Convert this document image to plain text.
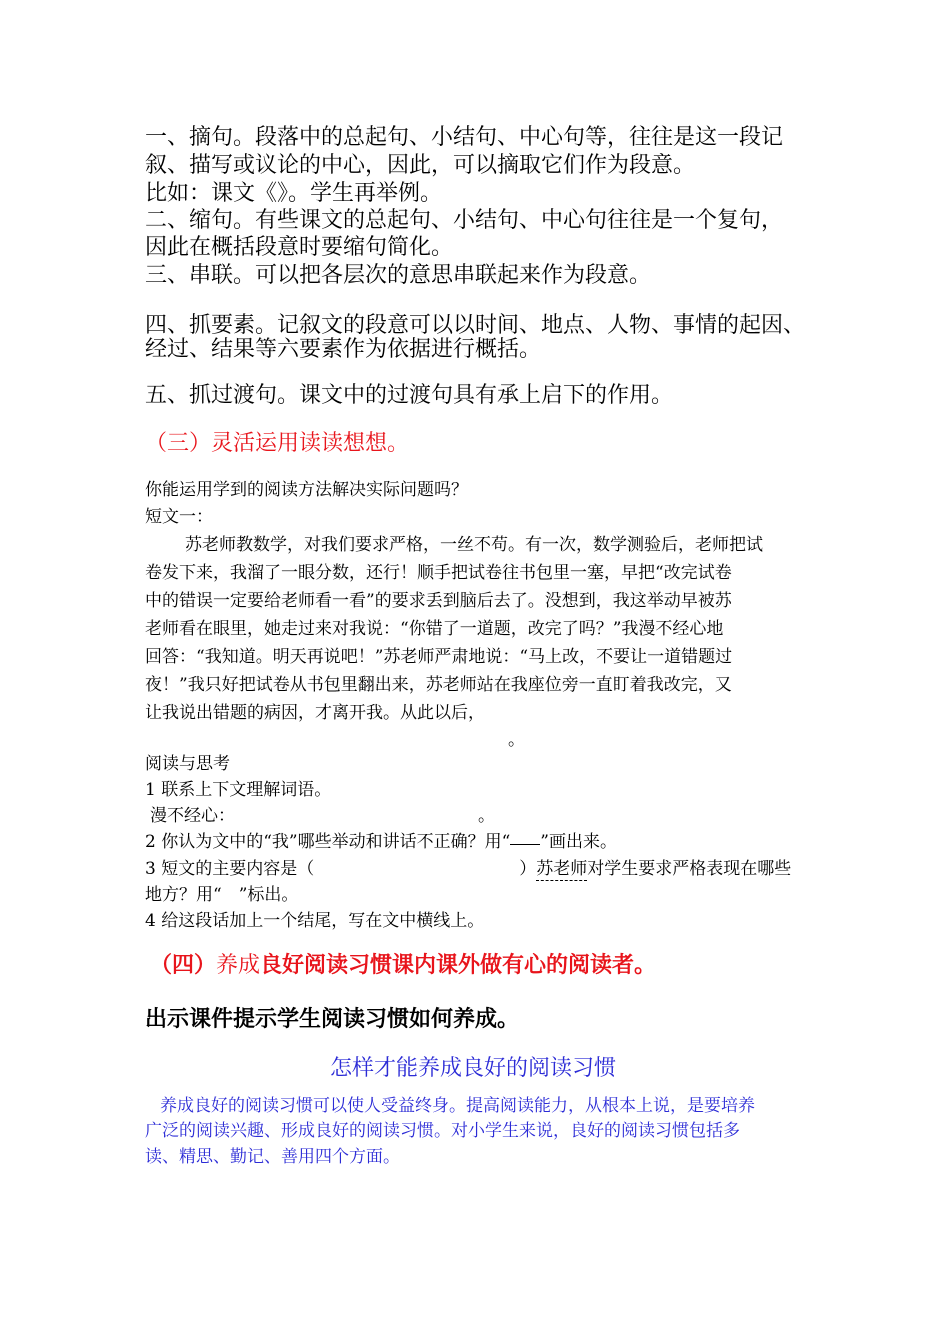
一、摘句。段落中的总起句、小结句、中心句等，往往是这一段记
叙、描写或议论的中心，因此，可以摘取它们作为段意。
比如：课文《》。学生再举例。
二、缩句。有些课文的总起句、小结句、中心句往往是一个复句，
因此在概括段意时要缩句简化。
三、串联。可以把各层次的意思串联起来作为段意。
四、抓要素。记叙文的段意可以以时间、地点、人物、事情的起因、
经过、结果等六要素作为依据进行概括。
五、抓过渡句。课文中的过渡句具有承上启下的作用。
（三）灵活运用读读想想。
你能运用学到的阅读方法解决实际问题吗？
短文一：
苏老师教数学，对我们要求严格，一丝不苟。有一次，数学测验后，老师把试
卷发下来，我溜了一眼分数，还行！顺手把试卷往书包里一塞，早把“改完试卷
中的错误一定要给老师看一看”的要求丢到脑后去了。没想到，我这举动早被苏
老师看在眼里，她走过来对我说：“你错了一道题，改完了吗？”我漫不经心地
回答：“我知道。明天再说吧！”苏老师严肃地说：“马上改，不要让一道错题过
夜！”我只好把试卷从书包里翻出来，苏老师站在我座位旁一直盯着我改完，又
让我说出错题的病因，才离开我。从此以后，
。
阅读与思考
1 联系上下文理解词语。
漫不经心：	。
2 你认为文中的“我”哪些举动和讲话不正确？用“ ”画出来。
3 短文的主要内容是（	）苏老师对学生要求严格表现在哪些
地方？用“　”标出。
4 给这段话加上一个结尾，写在文中横线上。
（四）养成良好阅读习惯课内课外做有心的阅读者。
出示课件提示学生阅读习惯如何养成。
怎样才能养成良好的阅读习惯
养成良好的阅读习惯可以使人受益终身。提高阅读能力，从根本上说，是要培养
广泛的阅读兴趣、形成良好的阅读习惯。对小学生来说，良好的阅读习惯包括多
读、精思、勤记、善用四个方面。
